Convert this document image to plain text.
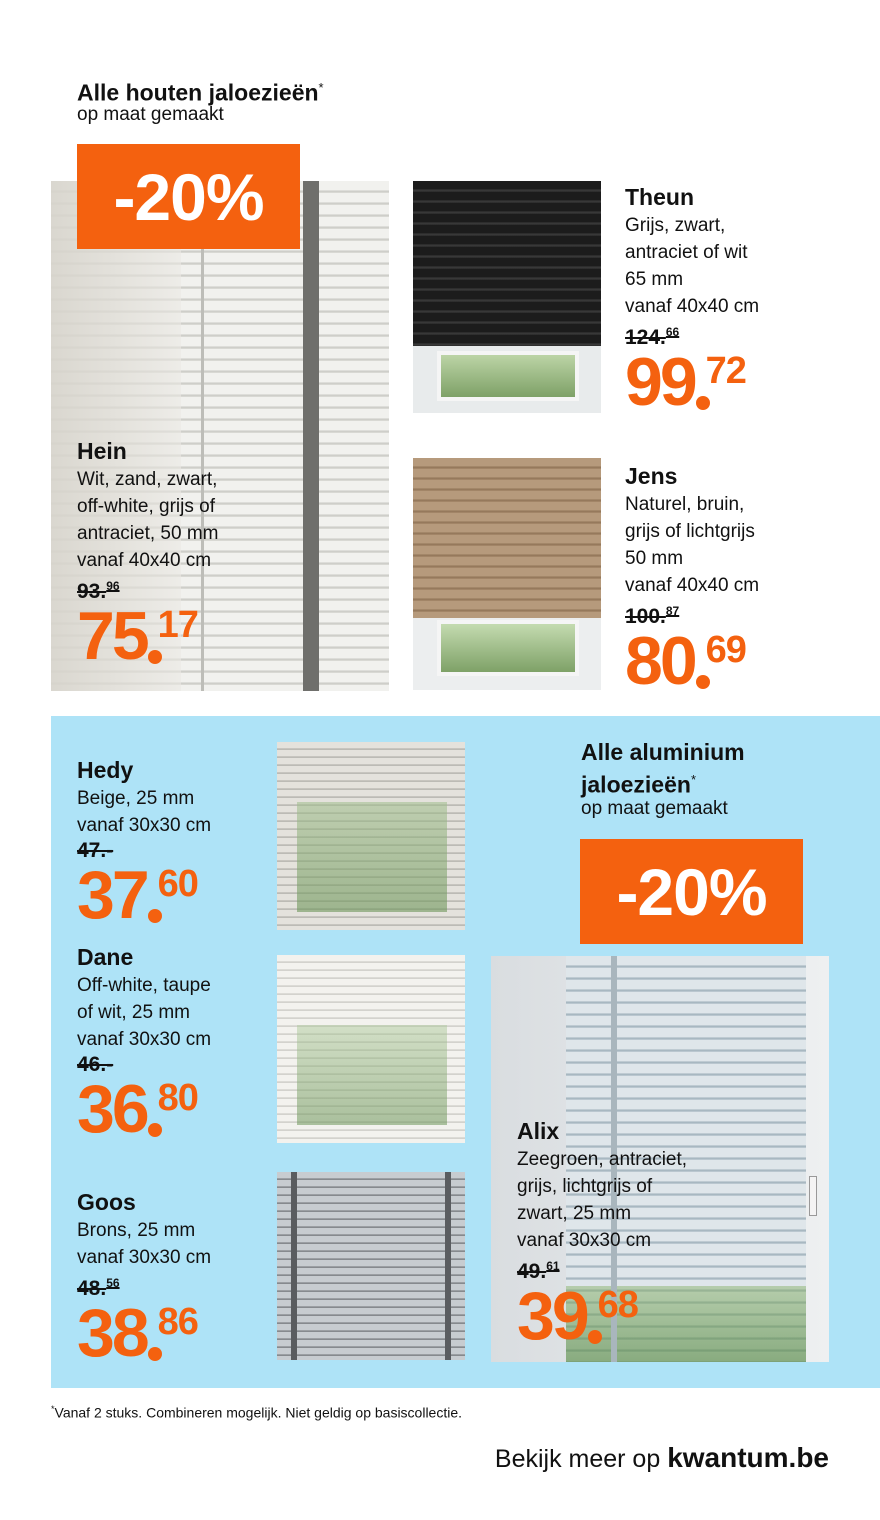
Alle houten jaloezieën*
op maat gemaakt
-20%
Hein
Wit, zand, zwart,
off-white, grijs of
antraciet, 50 mm
vanaf 40x40 cm
93.96
75 17
Theun
Grijs, zwart,
antraciet of wit
65 mm
vanaf 40x40 cm
124.66
99 72
Jens
Naturel, bruin,
grijs of lichtgrijs
50 mm
vanaf 40x40 cm
100.87
80 69
Hedy
Beige, 25 mm
vanaf 30x30 cm
47.-
37 60
Dane
Off-white, taupe
of wit, 25 mm
vanaf 30x30 cm
46.-
36 80
Goos
Brons, 25 mm
vanaf 30x30 cm
48.56
38 86
Alle aluminium
jaloezieën*
op maat gemaakt
-20%
Alix
Zeegroen, antraciet,
grijs, lichtgrijs of
zwart, 25 mm
vanaf 30x30 cm
49.61
39 68
*Vanaf 2 stuks. Combineren mogelijk. Niet geldig op basiscollectie.
Bekijk meer op kwantum.be
